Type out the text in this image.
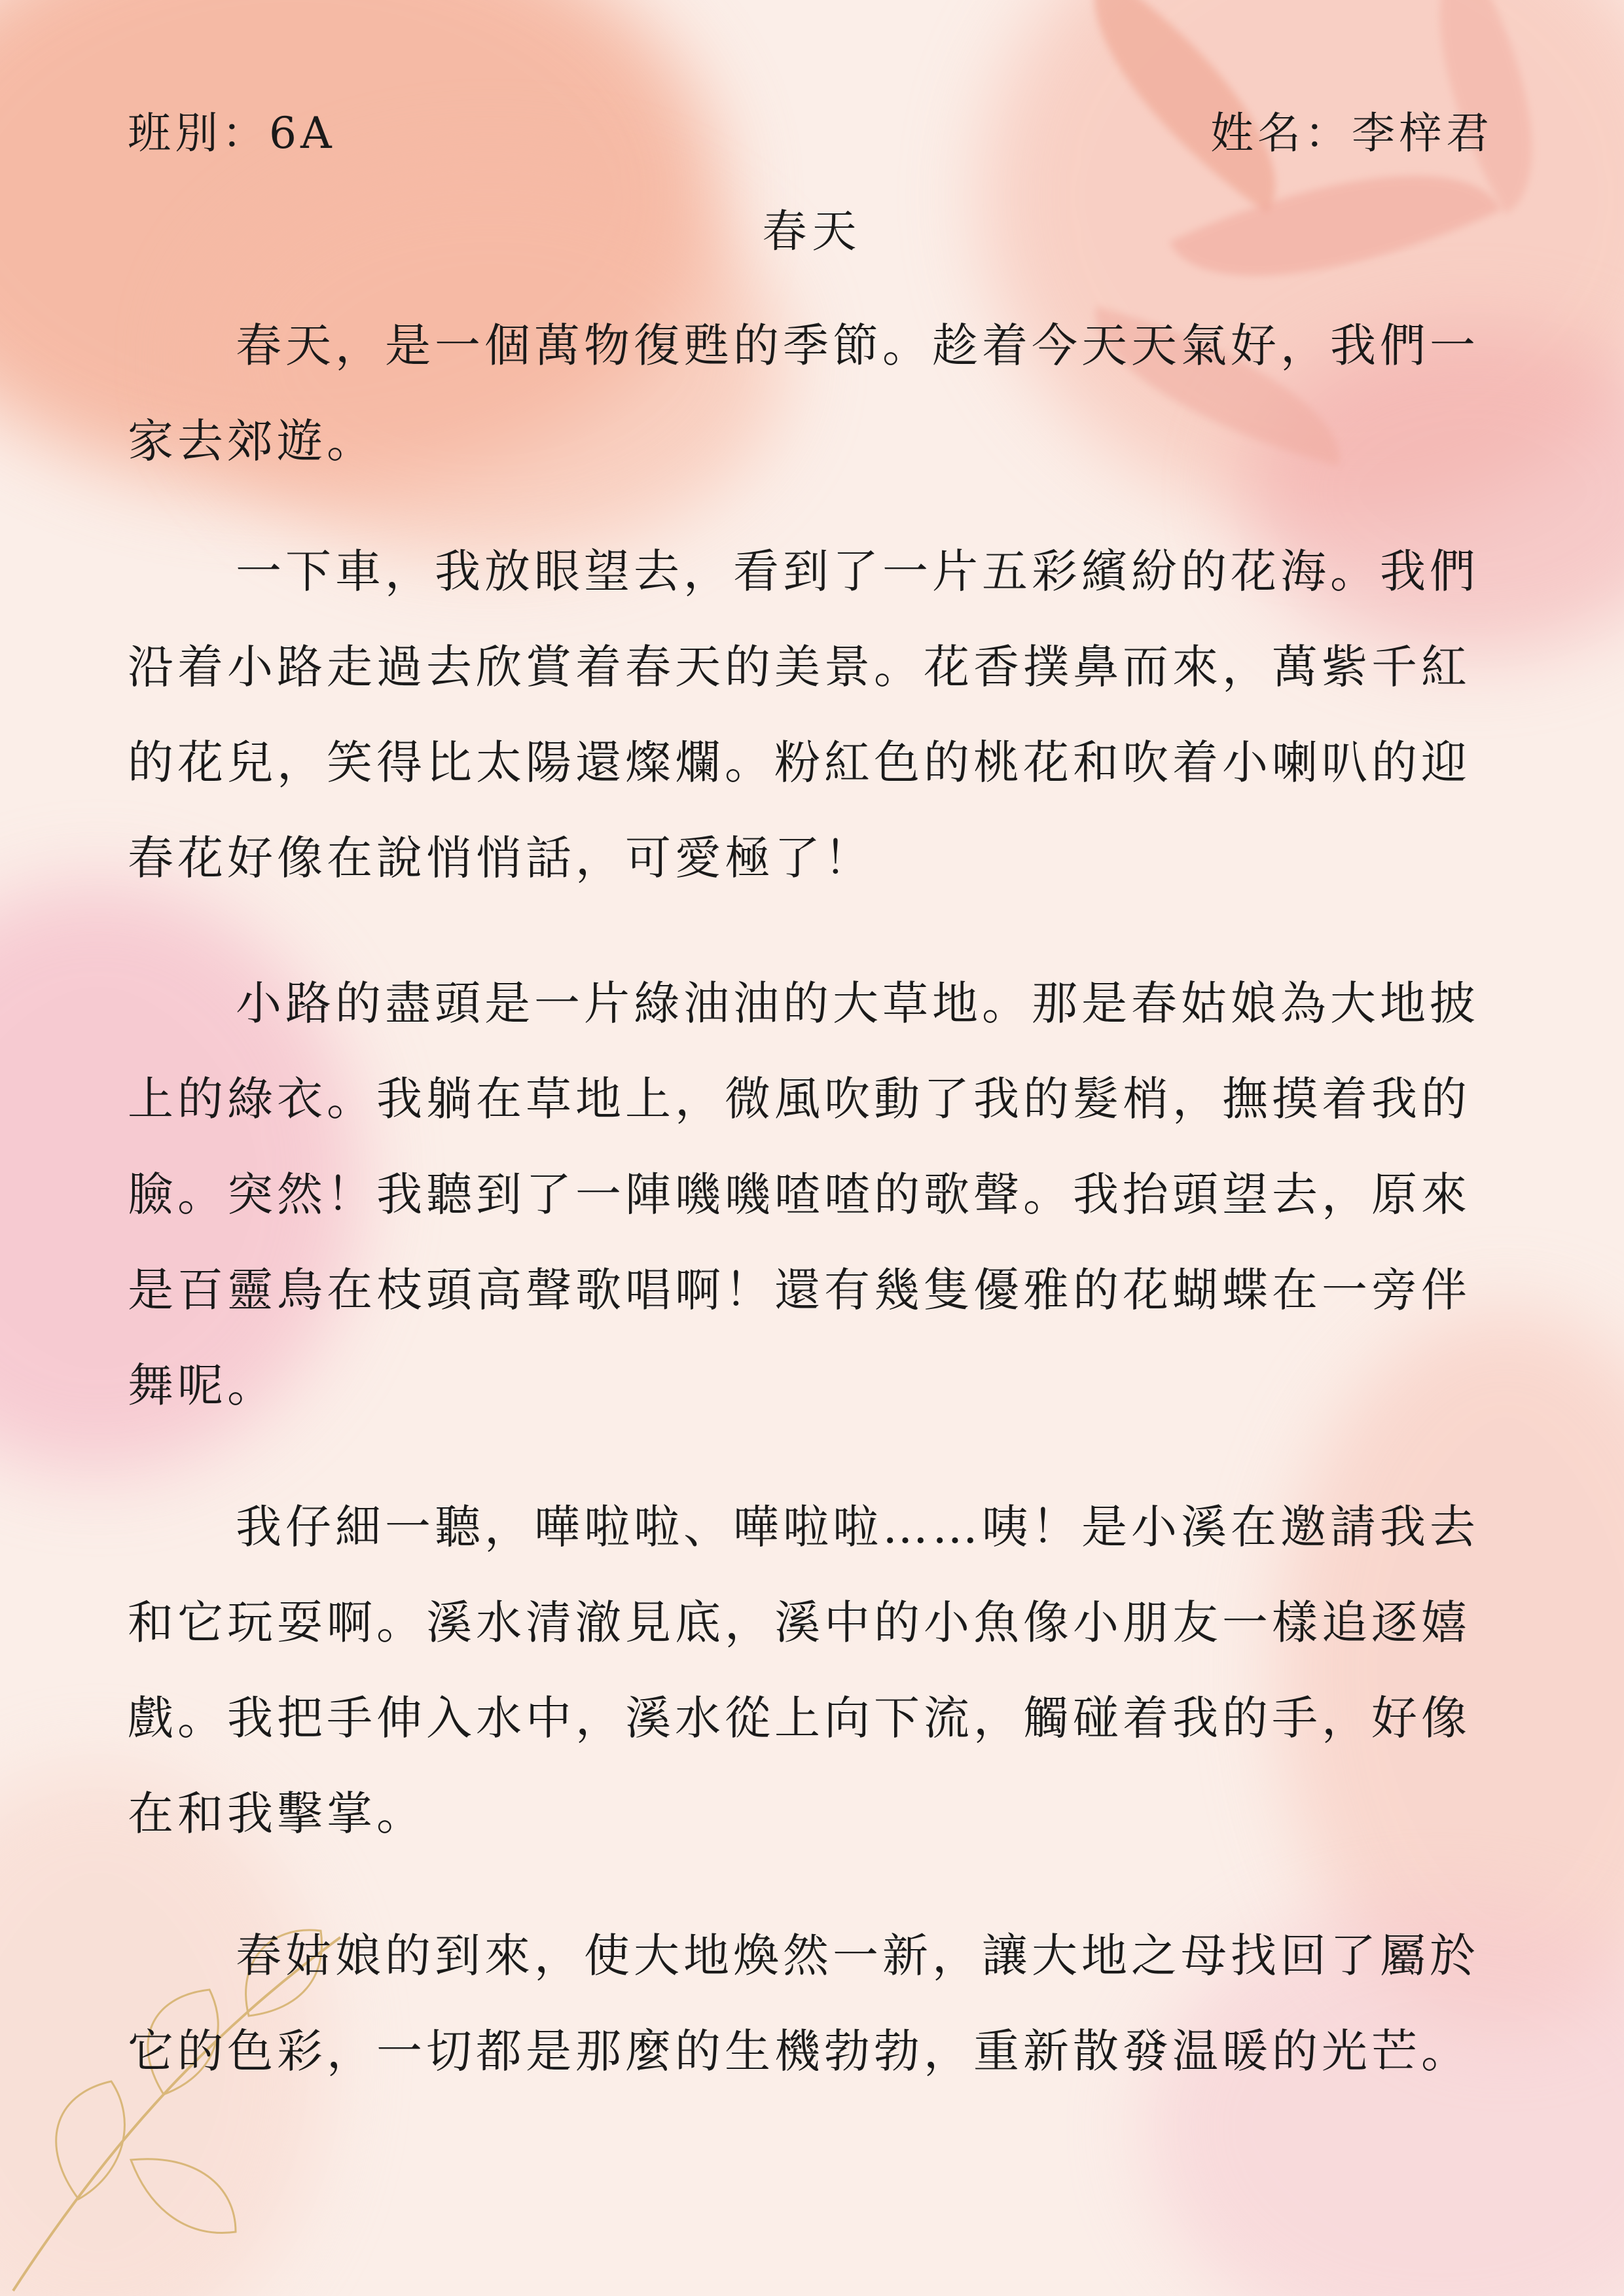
班別：6A	姓名：李梓君
春天

春天，是一個萬物復甦的季節。趁着今天天氣好，我們一家去郊遊。

一下車，我放眼望去，看到了一片五彩繽紛的花海。我們沿着小路走過去欣賞着春天的美景。花香撲鼻而來，萬紫千紅的花兒，笑得比太陽還燦爛。粉紅色的桃花和吹着小喇叭的迎春花好像在說悄悄話，可愛極了！

小路的盡頭是一片綠油油的大草地。那是春姑娘為大地披上的綠衣。我躺在草地上，微風吹動了我的髮梢，撫摸着我的臉。突然！我聽到了一陣嘰嘰喳喳的歌聲。我抬頭望去，原來是百靈鳥在枝頭高聲歌唱啊！還有幾隻優雅的花蝴蝶在一旁伴舞呢。

我仔細一聽，嘩啦啦、嘩啦啦……咦！是小溪在邀請我去和它玩耍啊。溪水清澈見底，溪中的小魚像小朋友一樣追逐嬉戲。我把手伸入水中，溪水從上向下流，觸碰着我的手，好像在和我擊掌。

春姑娘的到來，使大地煥然一新，讓大地之母找回了屬於它的色彩，一切都是那麼的生機勃勃，重新散發温暖的光芒。
